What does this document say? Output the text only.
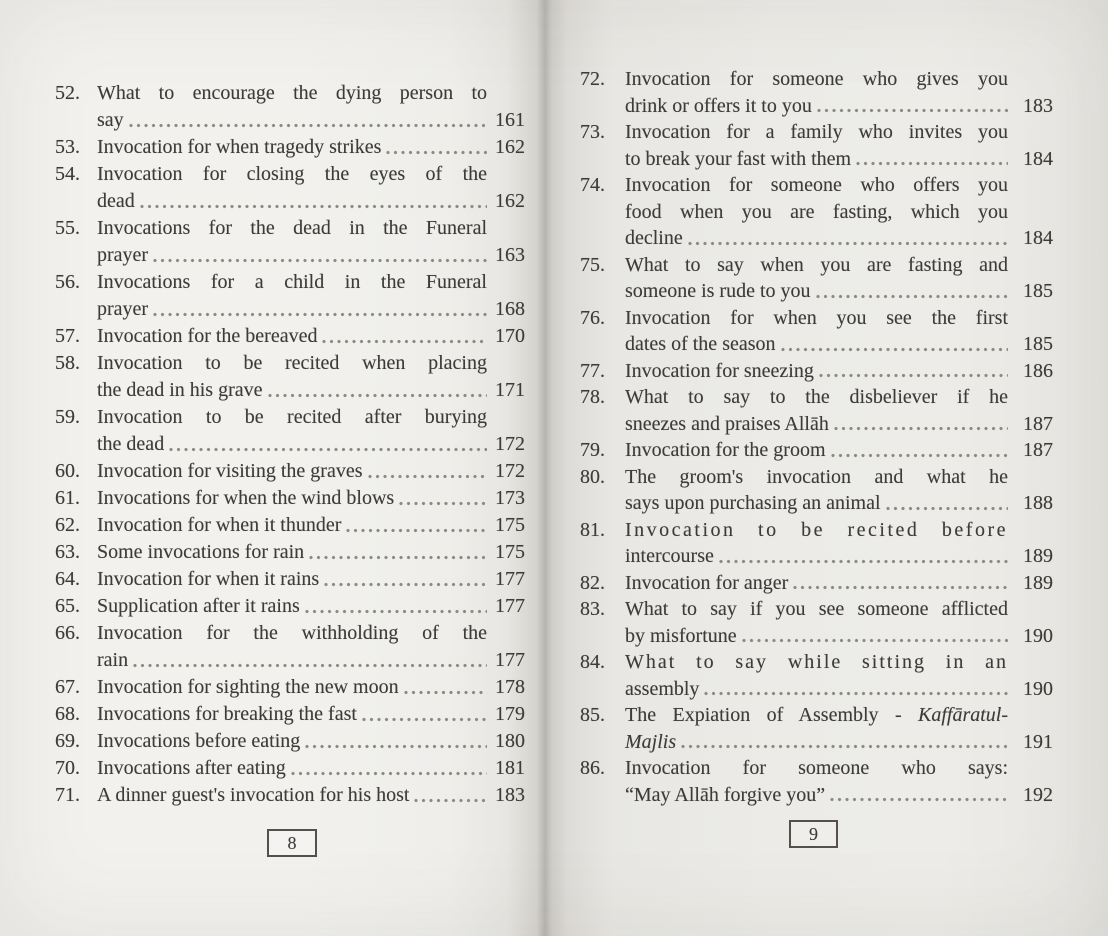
52. What to encourage the dying person to
say	161
53. Invocation for when tragedy strikes	162
54. Invocation for closing the eyes of the
dead	162
55. Invocations for the dead in the Funeral
prayer	163
56. Invocations for a child in the Funeral
prayer	168
57. Invocation for the bereaved	170
58. Invocation to be recited when placing
the dead in his grave	171
59. Invocation to be recited after burying
the dead	172
60. Invocation for visiting the graves	172
61. Invocations for when the wind blows	173
62. Invocation for when it thunder	175
63. Some invocations for rain	175
64. Invocation for when it rains	177
65. Supplication after it rains	177
66. Invocation for the withholding of the
rain	177
67. Invocation for sighting the new moon	178
68. Invocations for breaking the fast	179
69. Invocations before eating	180
70. Invocations after eating	181
71. A dinner guest's invocation for his host	183
72.	Invocation for someone who gives you
drink or offers it to you	183
73.	Invocation for a family who invites you
to break your fast with them	184
74.	Invocation for someone who offers you
food when you are fasting, which you
decline	184
75.	What to say when you are fasting and
someone is rude to you	185
76.	Invocation for when you see the first
dates of the season	185
77.	Invocation for sneezing	186
78.	What to say to the disbeliever if he
sneezes and praises Allāh	187
79.	Invocation for the groom	187
80.	The groom's invocation and what he
says upon purchasing an animal	188
81.	Invocation to be recited before
intercourse	189
82.	Invocation for anger	189
83.	What to say if you see someone afflicted
by misfortune	190
84.	What to say while sitting in an
assembly	190
85.	The Expiation of Assembly - Kaffāratul-
Majlis	191
86.	Invocation for someone who says:
“May Allāh forgive you”	192
8	9
